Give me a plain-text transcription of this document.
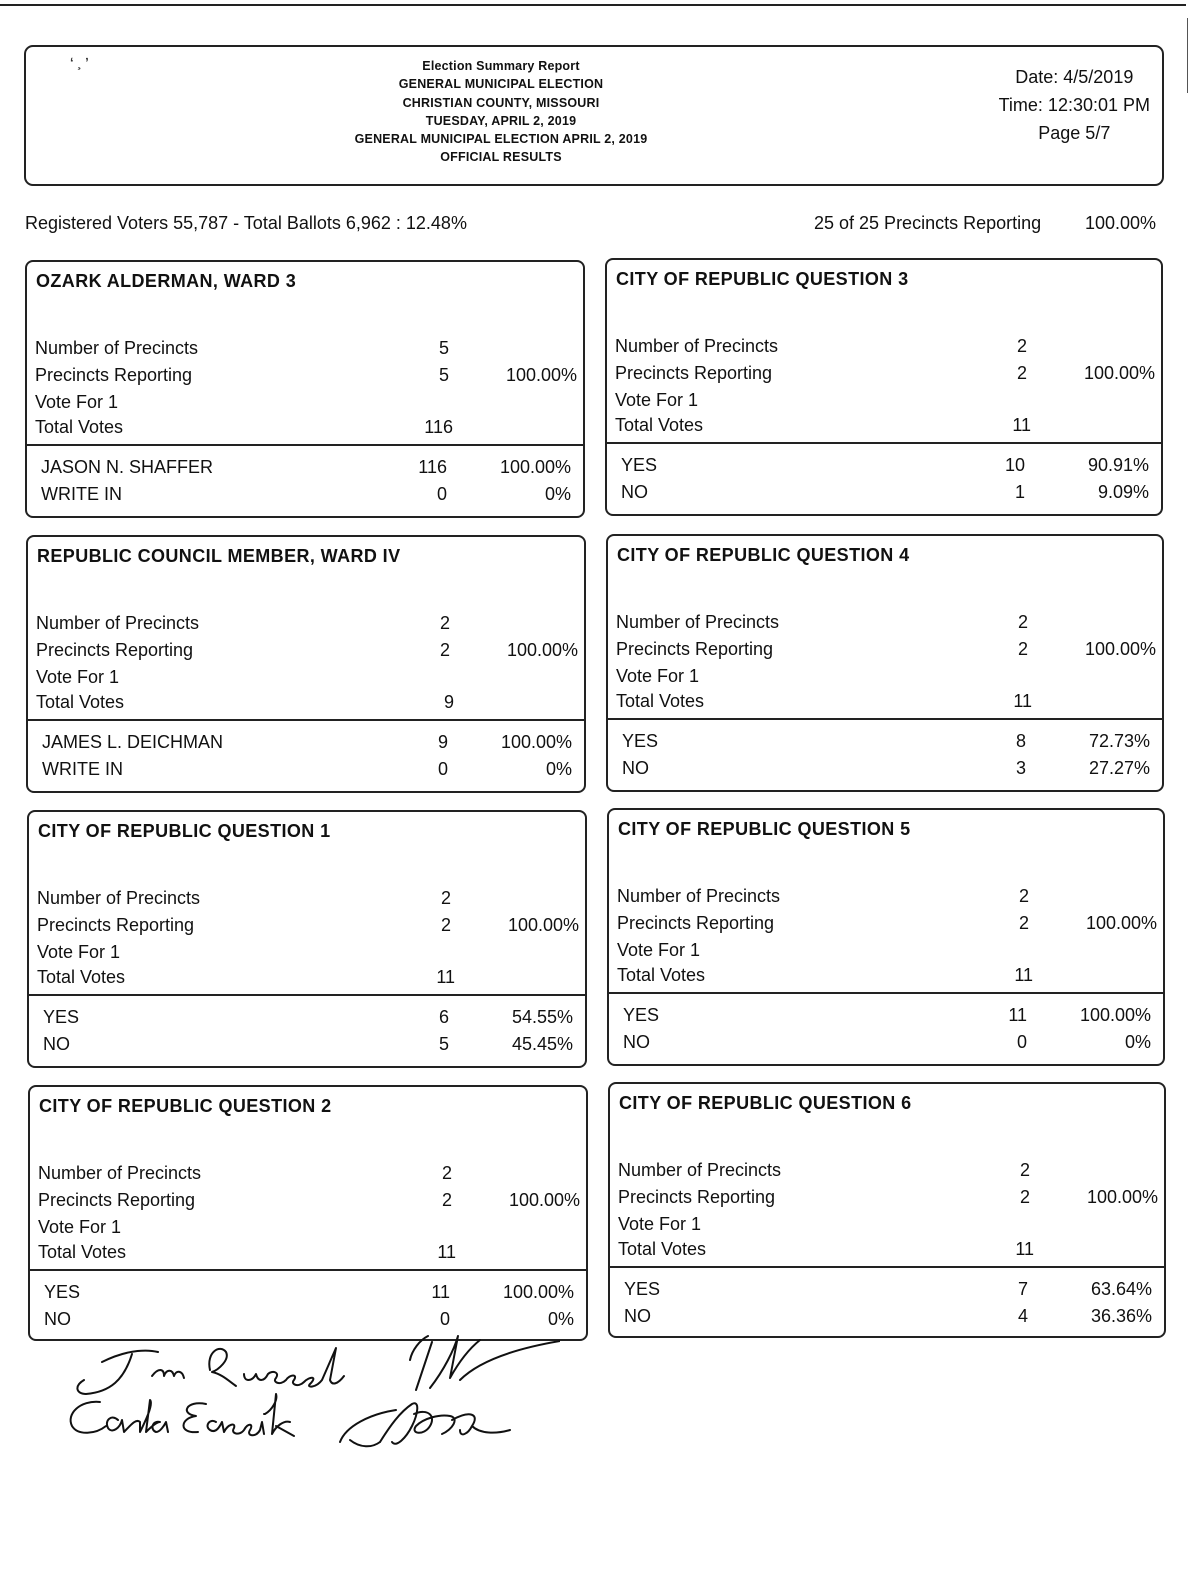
ʻ ¸ ʼ	Election Summary Report
GENERAL MUNICIPAL ELECTION
CHRISTIAN COUNTY, MISSOURI
TUESDAY, APRIL 2, 2019
GENERAL MUNICIPAL ELECTION APRIL 2, 2019
OFFICIAL RESULTS
Date: 4/5/2019
Time: 12:30:01 PM
Page 5/7
Registered Voters 55,787 - Total Ballots 6,962 : 12.48%	25 of 25 Precincts Reporting 100.00%
OZARK ALDERMAN, WARD 3
Number of Precincts	5
Precincts Reporting	5	100.00%
Vote For 1
Total Votes	116
JASON N. SHAFFER	116	100.00%
WRITE IN	0	0%
CITY OF REPUBLIC QUESTION 3
Number of Precincts	2
Precincts Reporting	2	100.00%
Vote For 1
Total Votes	11
YES	10	90.91%
NO	1	9.09%
REPUBLIC COUNCIL MEMBER, WARD IV
Number of Precincts	2
Precincts Reporting	2	100.00%
Vote For 1
Total Votes	9
JAMES L. DEICHMAN	9	100.00%
WRITE IN	0	0%
CITY OF REPUBLIC QUESTION 4
Number of Precincts	2
Precincts Reporting	2	100.00%
Vote For 1
Total Votes	11
YES	8	72.73%
NO	3	27.27%
CITY OF REPUBLIC QUESTION 1
Number of Precincts	2
Precincts Reporting	2	100.00%
Vote For 1
Total Votes	11
YES	6	54.55%
NO	5	45.45%
CITY OF REPUBLIC QUESTION 5
Number of Precincts	2
Precincts Reporting	2	100.00%
Vote For 1
Total Votes	11
YES	11	100.00%
NO	0	0%
CITY OF REPUBLIC QUESTION 2
Number of Precincts	2
Precincts Reporting	2	100.00%
Vote For 1
Total Votes	11
YES	11	100.00%
NO	0	0%
CITY OF REPUBLIC QUESTION 6
Number of Precincts	2
Precincts Reporting	2	100.00%
Vote For 1
Total Votes	11
YES	7	63.64%
NO	4	36.36%
